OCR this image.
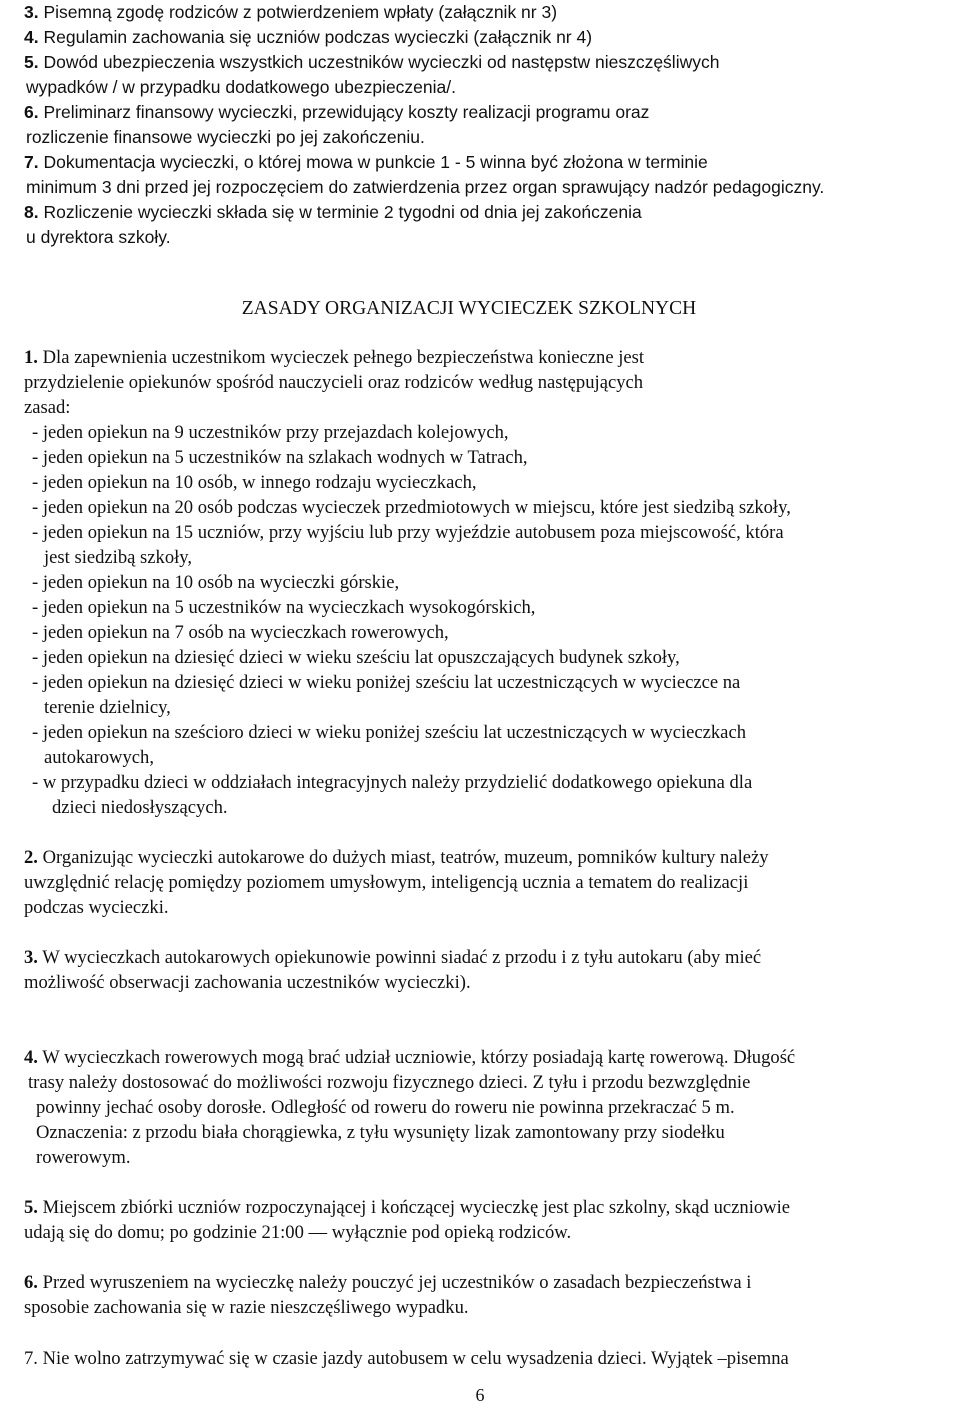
3. Pisemną zgodę rodziców z potwierdzeniem wpłaty (załącznik nr 3)

4. Regulamin zachowania się uczniów podczas wycieczki (załącznik nr 4)

5. Dowód ubezpieczenia wszystkich uczestników wycieczki od następstw nieszczęśliwych

wypadków / w przypadku dodatkowego ubezpieczenia/.

6. Preliminarz finansowy wycieczki, przewidujący koszty realizacji programu oraz

rozliczenie finansowe wycieczki po jej zakończeniu.

7. Dokumentacja wycieczki, o której mowa w punkcie 1 - 5 winna być złożona w terminie

minimum 3 dni przed jej rozpoczęciem do zatwierdzenia przez organ sprawujący nadzór pedagogiczny.

8. Rozliczenie wycieczki składa się w terminie 2 tygodni od dnia jej zakończenia

u dyrektora szkoły.

ZASADY ORGANIZACJI WYCIECZEK SZKOLNYCH

1. Dla zapewnienia uczestnikom wycieczek pełnego bezpieczeństwa konieczne jest

przydzielenie opiekunów spośród nauczycieli oraz rodziców według następujących

zasad:

- jeden opiekun na 9 uczestników przy przejazdach kolejowych,

- jeden opiekun na 5 uczestników na szlakach wodnych w Tatrach,

- jeden opiekun na 10 osób, w innego rodzaju wycieczkach,

- jeden opiekun na 20 osób podczas wycieczek przedmiotowych w miejscu, które jest siedzibą szkoły,

- jeden opiekun na 15 uczniów, przy wyjściu lub przy wyjeździe autobusem poza miejscowość, która

jest siedzibą szkoły,

- jeden opiekun na 10 osób na wycieczki górskie,

- jeden opiekun na 5 uczestników na wycieczkach wysokogórskich,

- jeden opiekun na 7 osób na wycieczkach rowerowych,

- jeden opiekun na dziesięć dzieci w wieku sześciu lat opuszczających budynek szkoły,

- jeden opiekun na dziesięć dzieci w wieku poniżej sześciu lat uczestniczących w wycieczce na

terenie dzielnicy,

- jeden opiekun na sześcioro dzieci w wieku poniżej sześciu lat uczestniczących w wycieczkach

autokarowych,

- w przypadku dzieci w oddziałach integracyjnych należy przydzielić dodatkowego opiekuna dla

dzieci niedosłyszących.

2. Organizując wycieczki autokarowe do dużych miast, teatrów, muzeum, pomników kultury należy

uwzględnić relację pomiędzy poziomem umysłowym, inteligencją ucznia a tematem do realizacji

podczas wycieczki.

3. W wycieczkach autokarowych opiekunowie powinni siadać z przodu i z tyłu autokaru (aby mieć

możliwość obserwacji zachowania uczestników wycieczki).

4. W wycieczkach rowerowych mogą brać udział uczniowie, którzy posiadają kartę rowerową. Długość

trasy należy dostosować do możliwości rozwoju fizycznego dzieci. Z tyłu i przodu bezwzględnie

powinny jechać osoby dorosłe. Odległość od roweru do roweru nie powinna przekraczać 5 m.

Oznaczenia: z przodu biała chorągiewka, z tyłu wysunięty lizak zamontowany przy siodełku

rowerowym.

5. Miejscem zbiórki uczniów rozpoczynającej i kończącej wycieczkę jest plac szkolny, skąd uczniowie

udają się do domu; po godzinie 21:00 — wyłącznie pod opieką rodziców.

6. Przed wyruszeniem na wycieczkę należy pouczyć jej uczestników o zasadach bezpieczeństwa i

sposobie zachowania się w razie nieszczęśliwego wypadku.

7. Nie wolno zatrzymywać się w czasie jazdy autobusem w celu wysadzenia dzieci. Wyjątek –pisemna

6
